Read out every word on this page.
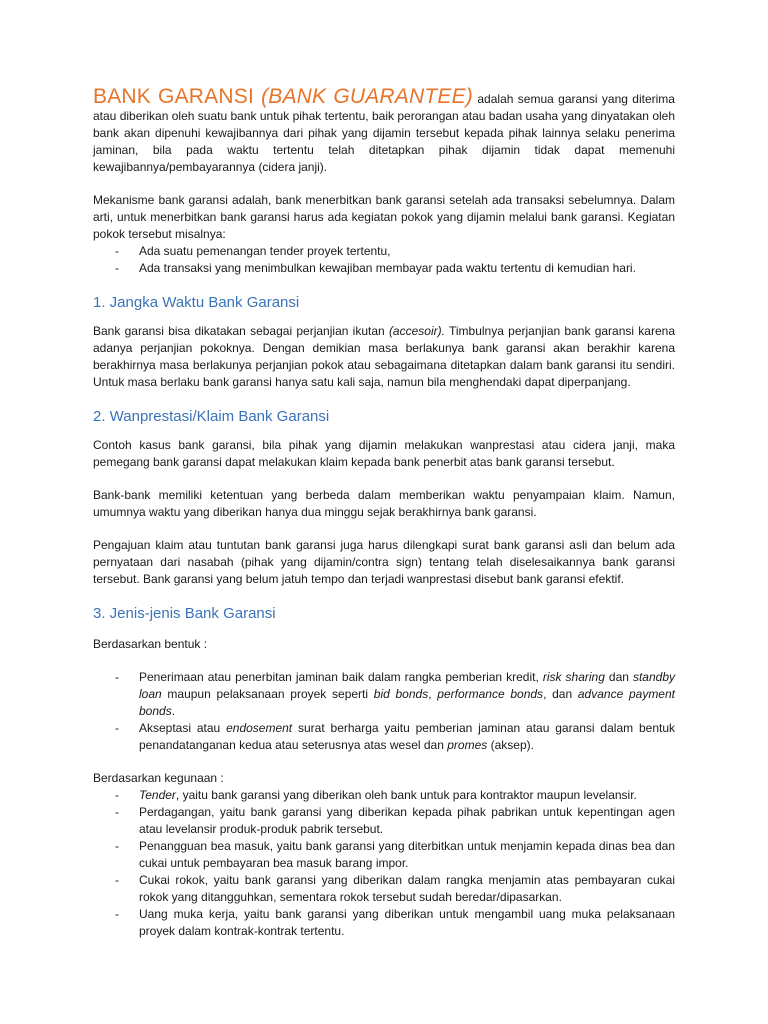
BANK GARANSI (BANK GUARANTEE) adalah semua garansi yang diterima atau diberikan oleh suatu bank untuk pihak tertentu, baik perorangan atau badan usaha yang dinyatakan oleh bank akan dipenuhi kewajibannya dari pihak yang dijamin tersebut kepada pihak lainnya selaku penerima jaminan, bila pada waktu tertentu telah ditetapkan pihak dijamin tidak dapat memenuhi kewajibannya/pembayarannya (cidera janji).

Mekanisme bank garansi adalah, bank menerbitkan bank garansi setelah ada transaksi sebelumnya. Dalam arti, untuk menerbitkan bank garansi harus ada kegiatan pokok yang dijamin melalui bank garansi. Kegiatan pokok tersebut misalnya:

- Ada suatu pemenangan tender proyek tertentu,
- Ada transaksi yang menimbulkan kewajiban membayar pada waktu tertentu di kemudian hari.
1. Jangka Waktu Bank Garansi

Bank garansi bisa dikatakan sebagai perjanjian ikutan (accesoir). Timbulnya perjanjian bank garansi karena adanya perjanjian pokoknya. Dengan demikian masa berlakunya bank garansi akan berakhir karena berakhirnya masa berlakunya perjanjian pokok atau sebagaimana ditetapkan dalam bank garansi itu sendiri. Untuk masa berlaku bank garansi hanya satu kali saja, namun bila menghendaki dapat diperpanjang.

2. Wanprestasi/Klaim Bank Garansi

Contoh kasus bank garansi, bila pihak yang dijamin melakukan wanprestasi atau cidera janji, maka pemegang bank garansi dapat melakukan klaim kepada bank penerbit atas bank garansi tersebut.

Bank-bank memiliki ketentuan yang berbeda dalam memberikan waktu penyampaian klaim. Namun, umumnya waktu yang diberikan hanya dua minggu sejak berakhirnya bank garansi.

Pengajuan klaim atau tuntutan bank garansi juga harus dilengkapi surat bank garansi asli dan belum ada pernyataan dari nasabah (pihak yang dijamin/contra sign) tentang telah diselesaikannya bank garansi tersebut. Bank garansi yang belum jatuh tempo dan terjadi wanprestasi disebut bank garansi efektif.

3. Jenis-jenis Bank Garansi

Berdasarkan bentuk :

- Penerimaan atau penerbitan jaminan baik dalam rangka pemberian kredit, risk sharing dan standby loan maupun pelaksanaan proyek seperti bid bonds, performance bonds, dan advance payment bonds.
- Akseptasi atau endosement surat berharga yaitu pemberian jaminan atau garansi dalam bentuk penandatanganan kedua atau seterusnya atas wesel dan promes (aksep).

Berdasarkan kegunaan :

- Tender, yaitu bank garansi yang diberikan oleh bank untuk para kontraktor maupun levelansir.
- Perdagangan, yaitu bank garansi yang diberikan kepada pihak pabrikan untuk kepentingan agen atau levelansir produk-produk pabrik tersebut.
- Penangguan bea masuk, yaitu bank garansi yang diterbitkan untuk menjamin kepada dinas bea dan cukai untuk pembayaran bea masuk barang impor.
- Cukai rokok, yaitu bank garansi yang diberikan dalam rangka menjamin atas pembayaran cukai rokok yang ditangguhkan, sementara rokok tersebut sudah beredar/dipasarkan.
- Uang muka kerja, yaitu bank garansi yang diberikan untuk mengambil uang muka pelaksanaan proyek dalam kontrak-kontrak tertentu.
